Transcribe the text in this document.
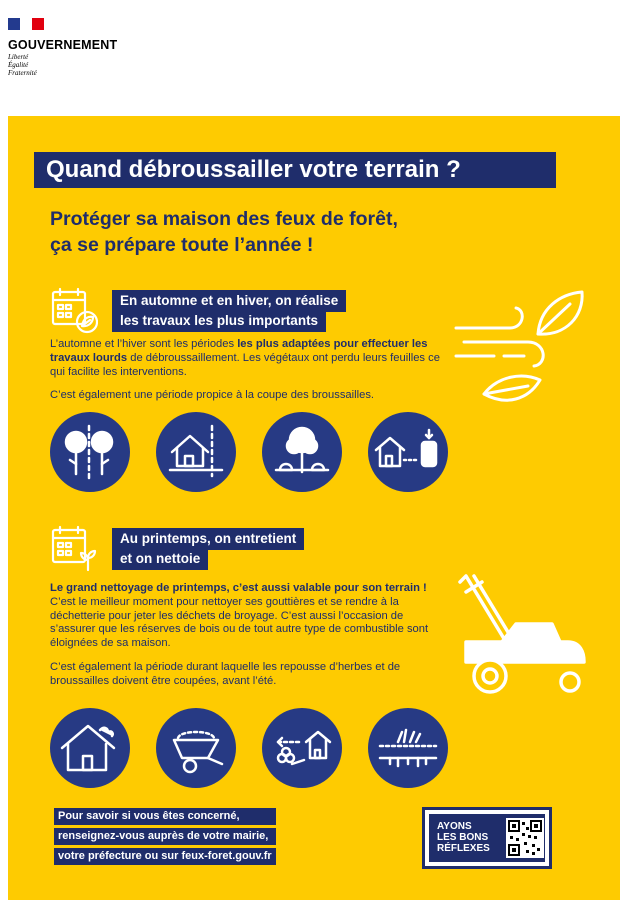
GOUVERNEMENT
Liberté
Égalité
Fraternité
Quand débroussailler votre terrain ?
Protéger sa maison des feux de forêt,
ça se prépare toute l’année !
En automne et en hiver, on réalise
les travaux les plus importants

L’automne et l’hiver sont les périodes les plus adaptées pour effectuer les travaux lourds de débroussaillement. Les végétaux ont perdu leurs feuilles ce qui facilite les interventions.

C’est également une période propice à la coupe des broussailles.

Au printemps, on entretient
et on nettoie

Le grand nettoyage de printemps, c’est aussi valable pour son terrain ! C’est le meilleur moment pour nettoyer ses gouttières et se rendre à la déchetterie pour jeter les déchets de broyage. C’est aussi l’occasion de s’assurer que les réserves de bois ou de tout autre type de combustible sont éloignées de sa maison.

C’est également la période durant laquelle les repousse d’herbes et de broussailles doivent être coupées, avant l’été.

Pour savoir si vous êtes concerné,
renseignez-vous auprès de votre mairie,
votre préfecture ou sur feux-foret.gouv.fr
AYONS
LES BONS
RÉFLEXES
